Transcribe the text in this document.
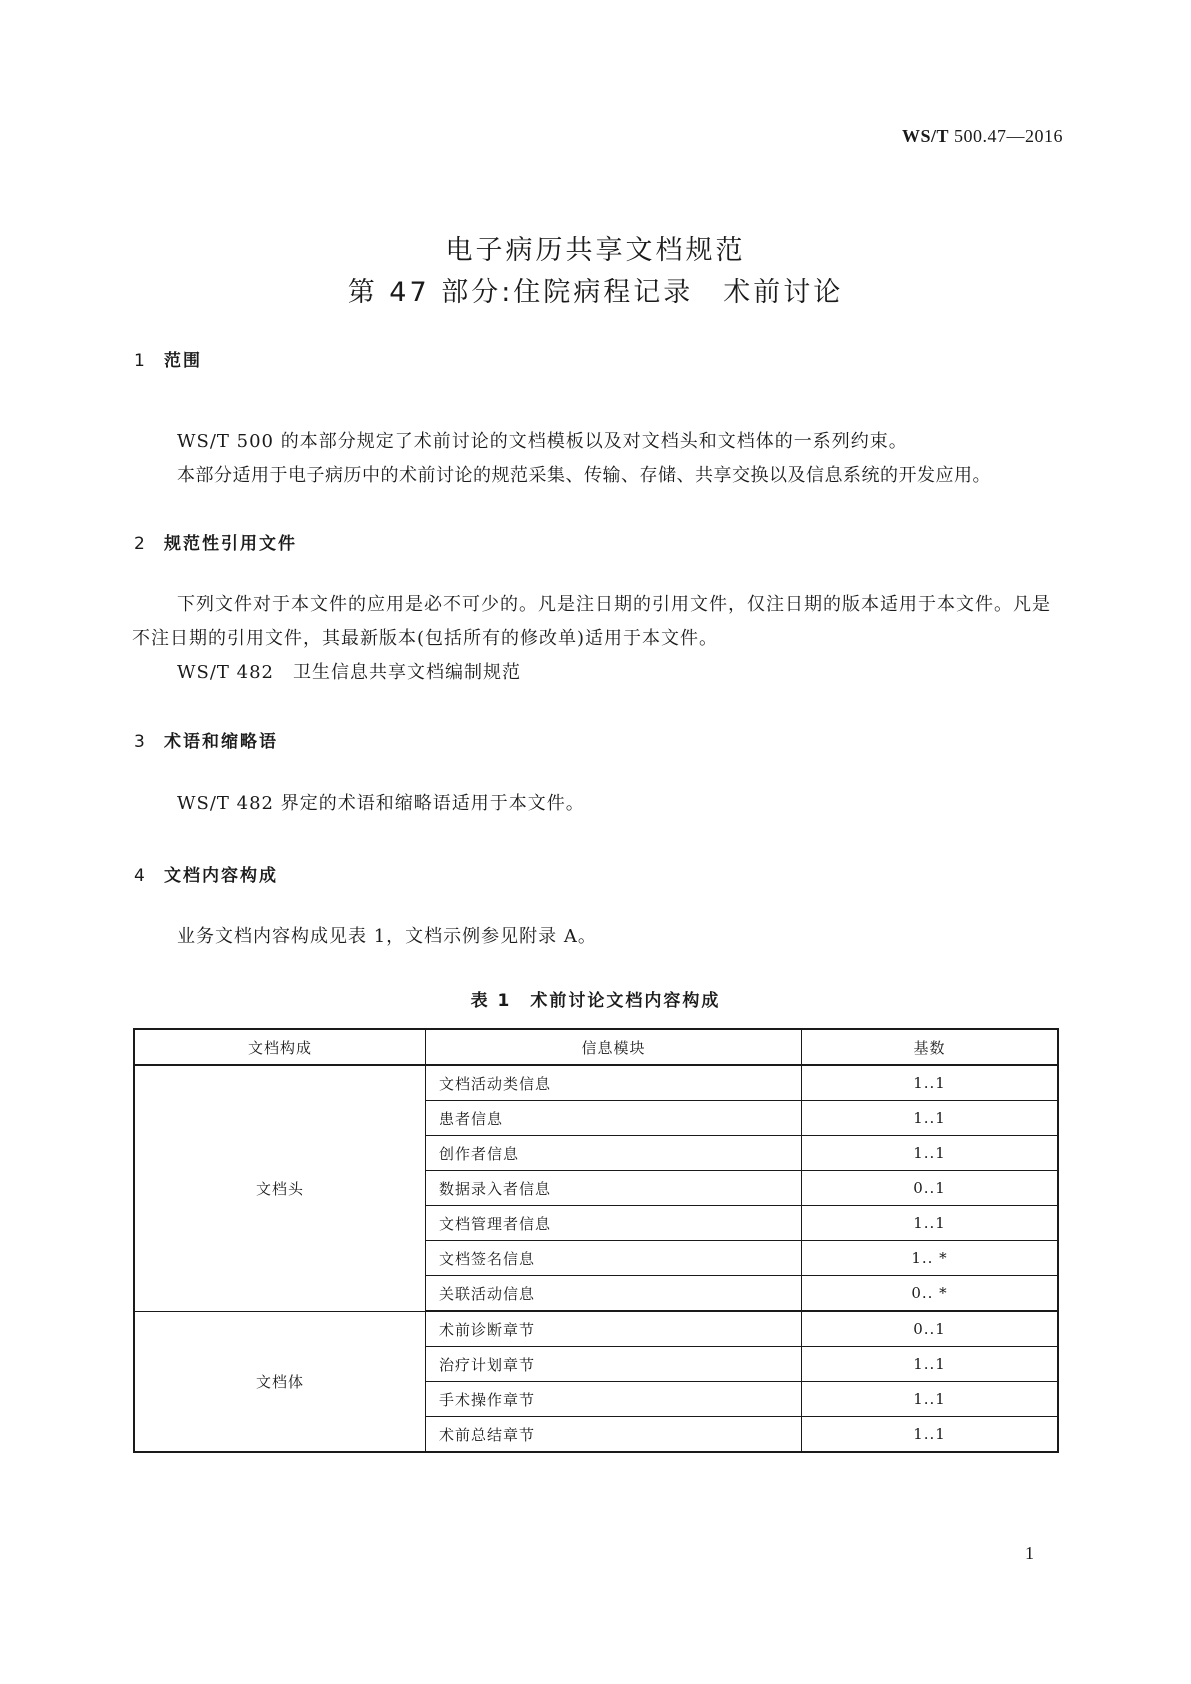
WS/T 500.47—2016
电子病历共享文档规范
第 47 部分:住院病程记录　术前讨论
1 范围
WS/T 500 的本部分规定了术前讨论的文档模板以及对文档头和文档体的一系列约束。
本部分适用于电子病历中的术前讨论的规范采集、传输、存储、共享交换以及信息系统的开发应用。
2 规范性引用文件
下列文件对于本文件的应用是必不可少的。凡是注日期的引用文件，仅注日期的版本适用于本文件。凡是不注日期的引用文件，其最新版本(包括所有的修改单)适用于本文件。
WS/T 482　卫生信息共享文档编制规范
3 术语和缩略语
WS/T 482 界定的术语和缩略语适用于本文件。
4 文档内容构成
业务文档内容构成见表 1，文档示例参见附录 A。
表 1　术前讨论文档内容构成
文档构成	信息模块	基数
文档头	文档活动类信息	1..1
	患者信息	1..1
	创作者信息	1..1
	数据录入者信息	0..1
	文档管理者信息	1..1
	文档签名信息	1.. *
	关联活动信息	0.. *
文档体	术前诊断章节	0..1
	治疗计划章节	1..1
	手术操作章节	1..1
	术前总结章节	1..1
1
